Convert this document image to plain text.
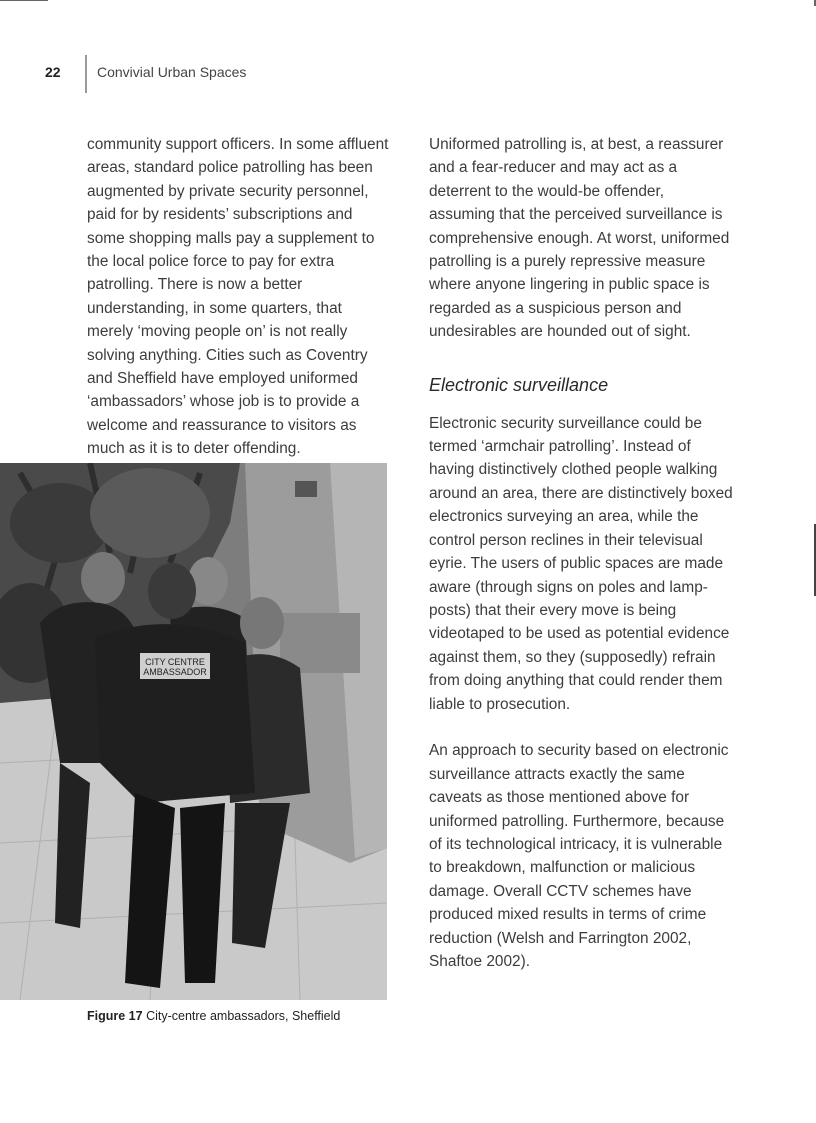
22	Convivial Urban Spaces

community support officers. In some affluent areas, standard police patrolling has been augmented by private security personnel, paid for by residents’ subscriptions and some shopping malls pay a supplement to the local police force to pay for extra patrolling. There is now a better understanding, in some quarters, that merely ‘moving people on’ is not really solving anything. Cities such as Coventry and Sheffield have employed uniformed ‘ambassadors’ whose job is to provide a welcome and reassurance to visitors as much as it is to deter offending.

Uniformed patrolling is, at best, a reassurer and a fear-reducer and may act as a deterrent to the would-be offender, assuming that the perceived surveillance is comprehensive enough. At worst, uniformed patrolling is a purely repressive measure where anyone lingering in public space is regarded as a suspicious person and undesirables are hounded out of sight.

Electronic surveillance

Electronic security surveillance could be termed ‘armchair patrolling’. Instead of having distinctively clothed people walking around an area, there are distinctively boxed electronics surveying an area, while the control person reclines in their televisual eyrie. The users of public spaces are made aware (through signs on poles and lamp-posts) that their every move is being videotaped to be used as potential evidence against them, so they (supposedly) refrain from doing anything that could render them liable to prosecution.

An approach to security based on electronic surveillance attracts exactly the same caveats as those mentioned above for uniformed patrolling. Furthermore, because of its technological intricacy, it is vulnerable to breakdown, malfunction or malicious damage. Overall CCTV schemes have produced mixed results in terms of crime reduction (Welsh and Farrington 2002, Shaftoe 2002).

CITY CENTRE
AMBASSADOR
Figure 17 City-centre ambassadors, Sheffield
